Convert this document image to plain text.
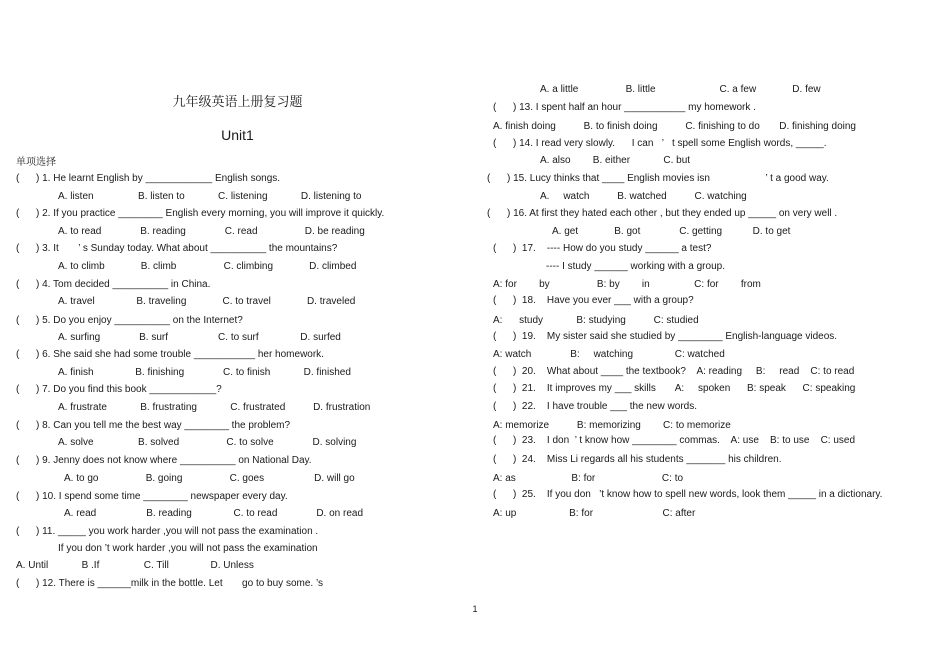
九年级英语上册复习题
Unit1
单项选择
(      ) 1. He learnt English by ____________ English songs.
A. listen                B. listen to            C. listening            D. listening to
(      ) 2. If you practice ________ English every morning, you will improve it quickly.
A. to read              B. reading              C. read                 D. be reading
(      ) 3. It       ’ s Sunday today. What about __________ the mountains?
A. to climb             B. climb                 C. climbing             D. climbed
(      ) 4. Tom decided __________ in China.
A. travel               B. traveling             C. to travel             D. traveled
(      ) 5. Do you enjoy __________ on the Internet?
A. surfing              B. surf                  C. to surf               D. surfed
(      ) 6. She said she had some trouble ___________ her homework.
A. finish               B. finishing              C. to finish            D. finished
(      ) 7. Do you find this book ____________?
A. frustrate            B. frustrating            C. frustrated          D. frustration
(      ) 8. Can you tell me the best way ________ the problem?
A. solve                B. solved                 C. to solve              D. solving
(      ) 9. Jenny does not know where __________ on National Day.
A. to go                 B. going                 C. goes                  D. will go
(      ) 10. I spend some time ________ newspaper every day.
A. read                  B. reading               C. to read              D. on read
(      ) 11. _____ you work harder ,you will not pass the examination .
If you don ’t work harder ,you will not pass the examination
A. Until            B .If                C. Till               D. Unless
(      ) 12. There is ______milk in the bottle. Let       go to buy some. ’s
A. a little                 B. little                       C. a few             D. few
(      ) 13. I spent half an hour ___________ my homework .
A. finish doing          B. to finish doing          C. finishing to do       D. finishing doing
(      ) 14. I read very slowly.      I can   ’   t spell some English words, _____.
A. also        B. either            C. but
(      ) 15. Lucy thinks that ____ English movies isn                    ’ t a good way.
A.     watch          B. watched          C. watching
(      ) 16. At first they hated each other , but they ended up _____ on very well .
A. get             B. got              C. getting           D. to get
(      )  17.    ---- How do you study ______ a test?
---- I study ______ working with a group.
A: for        by                 B: by        in                C: for        from
(      )  18.    Have you ever ___ with a group?
A:      study            B: studying          C: studied
(      )  19.    My sister said she studied by ________ English-language videos.
A: watch              B:     watching               C: watched
(      )  20.    What about ____ the textbook?    A: reading     B:     read    C: to read
(      )  21.    It improves my ___ skills       A:     spoken      B: speak      C: speaking
(      )  22.    I have trouble ___ the new words.
A: memorize          B: memorizing        C: to memorize
(      )  23.    I don  ’ t know how ________ commas.    A: use    B: to use    C: used
(      )  24.    Miss Li regards all his students _______ his children.
A: as                    B: for                        C: to
(      )  25.    If you don   ’t know how to spell new words, look them _____ in a dictionary.
A: up                   B: for                         C: after
1
